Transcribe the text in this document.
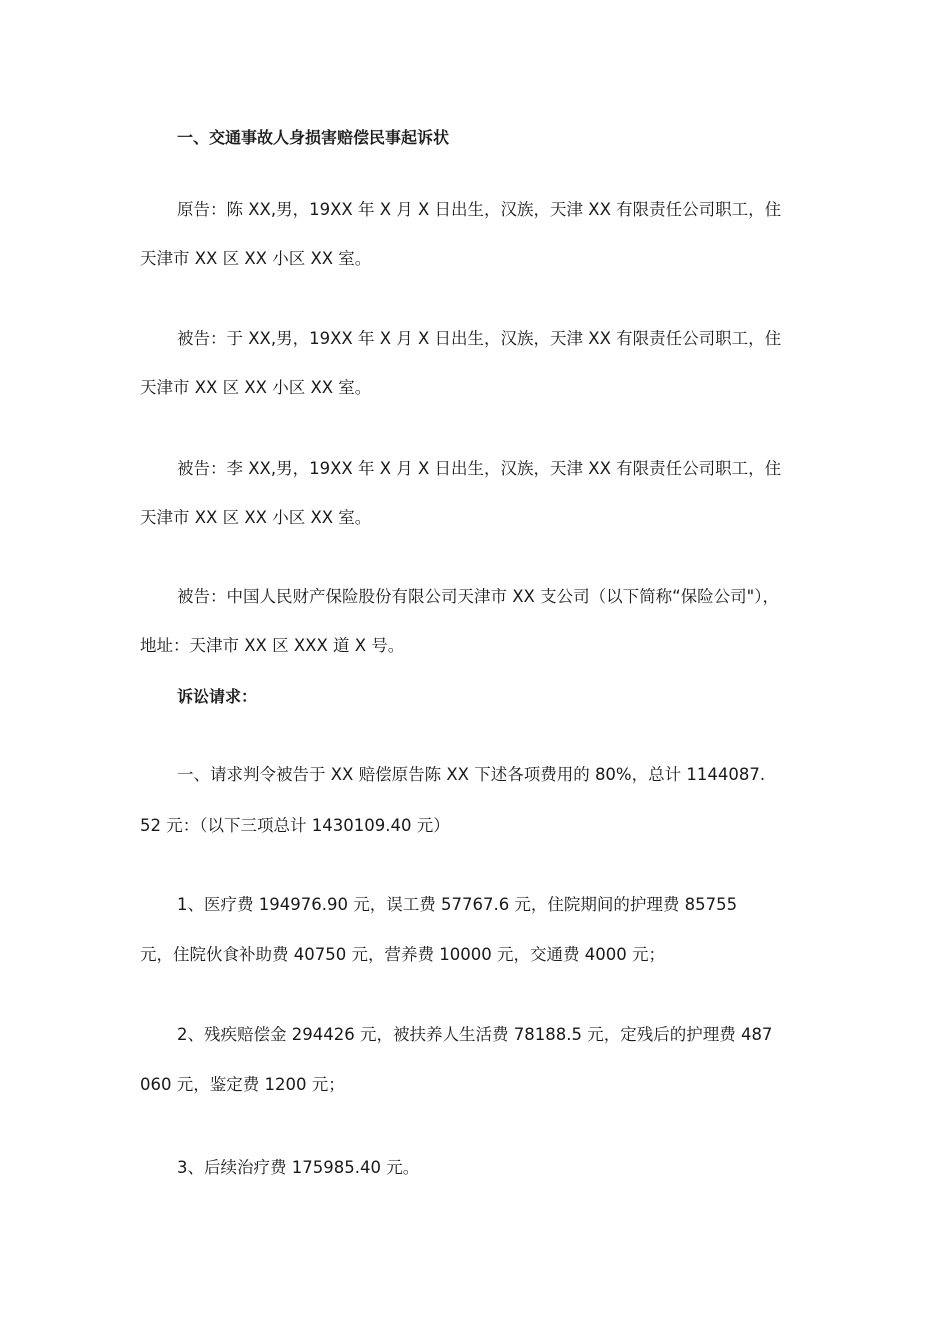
一、交通事故人身损害赔偿民事起诉状
原告：陈 XX,男，19XX 年 X 月 X 日出生，汉族，天津 XX 有限责任公司职工，住
天津市 XX 区 XX 小区 XX 室。
被告：于 XX,男，19XX 年 X 月 X 日出生，汉族，天津 XX 有限责任公司职工，住
天津市 XX 区 XX 小区 XX 室。
被告：李 XX,男，19XX 年 X 月 X 日出生，汉族，天津 XX 有限责任公司职工，住
天津市 XX 区 XX 小区 XX 室。
被告：中国人民财产保险股份有限公司天津市 XX 支公司（以下简称“保险公司"），
地址：天津市 XX 区 XXX 道 X 号。
诉讼请求：
一、请求判令被告于 XX 赔偿原告陈 XX 下述各项费用的 80%，总计 1144087.
52 元：（以下三项总计 1430109.40 元）
1、医疗费 194976.90 元，误工费 57767.6 元，住院期间的护理费 85755
元，住院伙食补助费 40750 元，营养费 10000 元，交通费 4000 元；
2、残疾赔偿金 294426 元，被扶养人生活费 78188.5 元，定残后的护理费 487
060 元，鉴定费 1200 元；
3、后续治疗费 175985.40 元。
